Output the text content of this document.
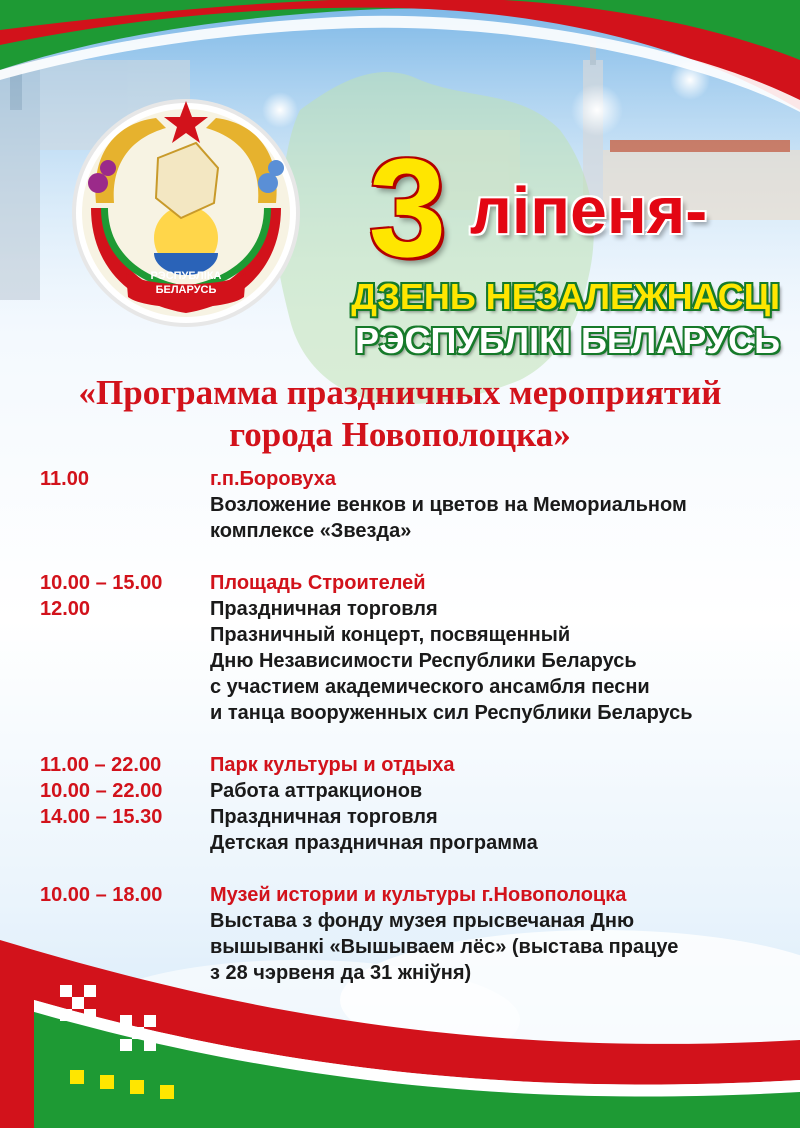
РЭСПУБЛІКА
БЕЛАРУСЬ
3 ліпеня-
ДЗЕНЬ НЕЗАЛЕЖНАСЦІ
РЭСПУБЛІКІ БЕЛАРУСЬ
«Программа праздничных мероприятий
города Новополоцка»
11.00	г.п.Боровуха
Возложение венков и цветов на Мемориальном
комплексе «Звезда»
10.00 – 15.00	Площадь Строителей
12.00	Праздничная торговля
Празничный концерт, посвященный
Дню Независимости Республики Беларусь
с участием академического ансамбля песни
и танца вооруженных сил Республики Беларусь
11.00 – 22.00	Парк культуры и отдыха
10.00 – 22.00	Работа аттракционов
14.00 – 15.30	Праздничная торговля
Детская праздничная программа
10.00 – 18.00	Музей истории и культуры г.Новополоцка
Выстава з фонду музея прысвечаная Дню
вышыванкі «Вышываем лёс» (выстава працуе
з 28 чэрвеня да 31 жніўня)
